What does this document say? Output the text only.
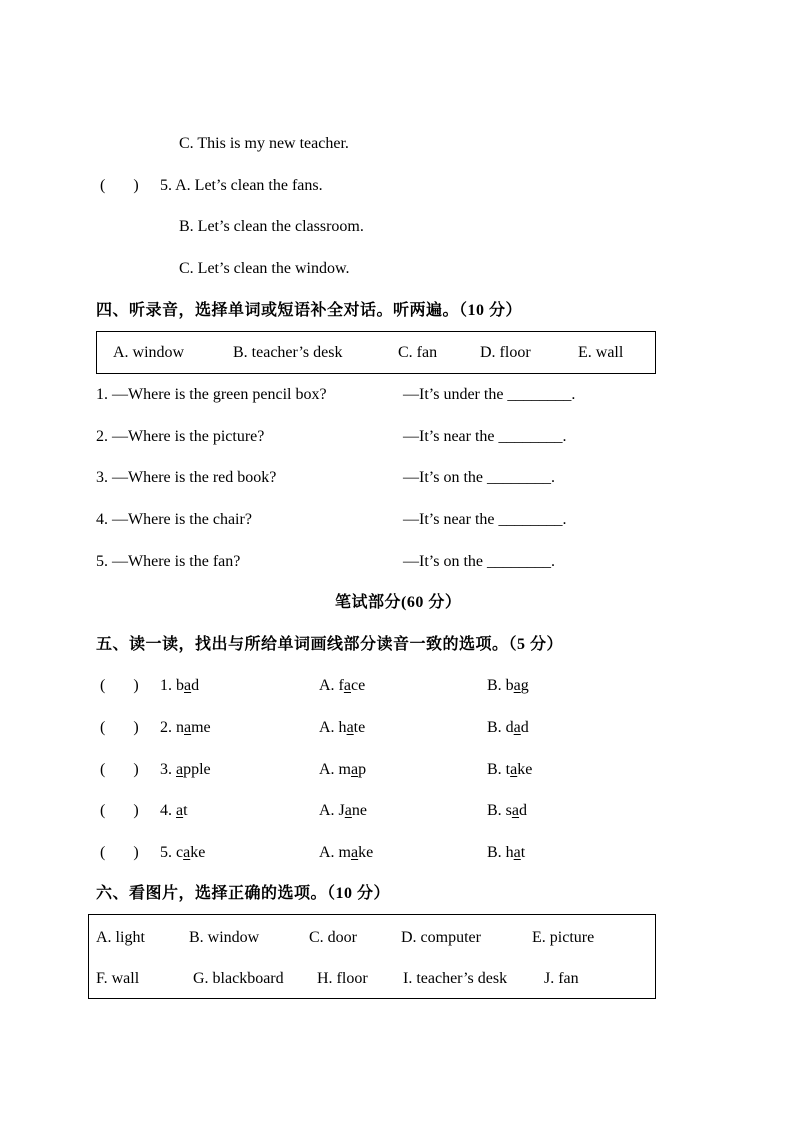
C. This is my new teacher.
(       ) 5. A. Let’s clean the fans.
B. Let’s clean the classroom.
C. Let’s clean the window.
四、听录音，选择单词或短语补全对话。听两遍。（10 分）
A. window	B. teacher’s desk	C. fan	D. floor	E. wall
1. —Where is the green pencil box?	—It’s under the ________.
2. —Where is the picture?	—It’s near the ________.
3. —Where is the red book?	—It’s on the ________.
4. —Where is the chair?	—It’s near the ________.
5. —Where is the fan?	—It’s on the ________.
笔试部分(60 分）
五、读一读，找出与所给单词画线部分读音一致的选项。（5 分）
(       ) 1. bad	A. face	B. bag
(       ) 2. name	A. hate	B. dad
(       ) 3. apple	A. map	B. take
(       ) 4. at	A. Jane	B. sad
(       ) 5. cake	A. make	B. hat
六、看图片，选择正确的选项。（10 分）
A. light	B. window	C. door	D. computer	E. picture
F. wall	G. blackboard H. floor I. teacher’s desk J. fan
